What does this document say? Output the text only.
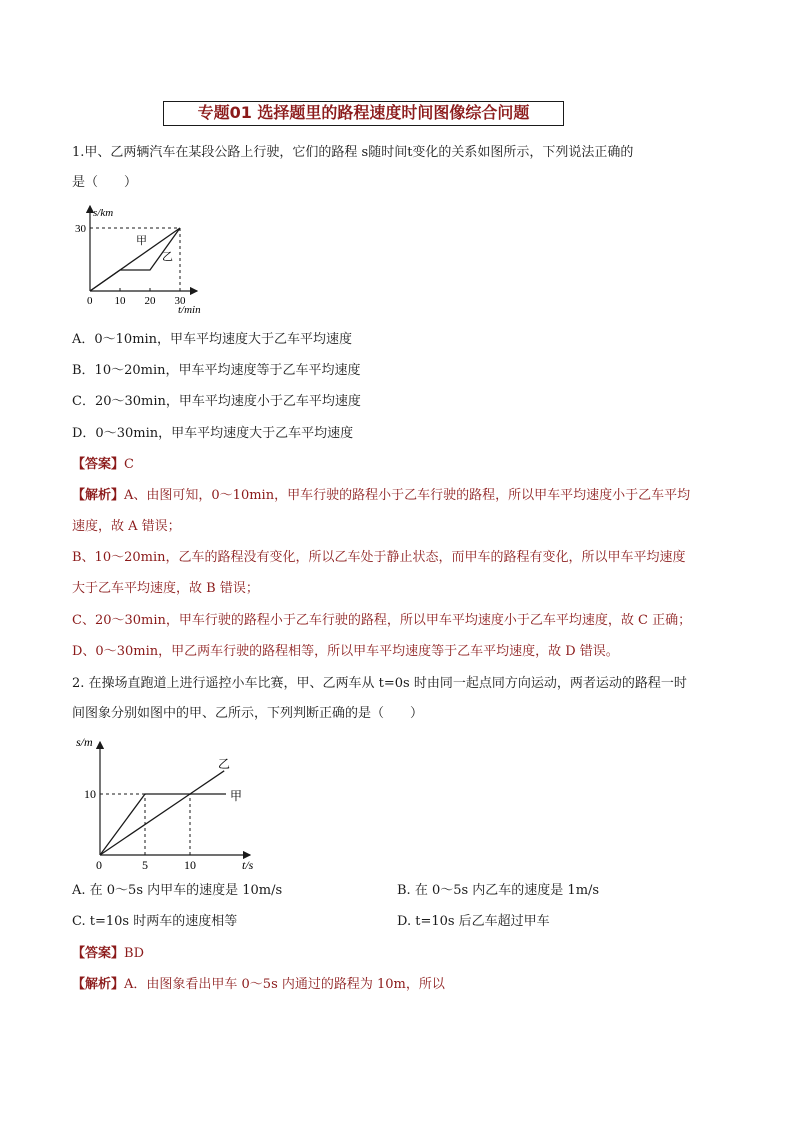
专题01 选择题里的路程速度时间图像综合问题
1.甲、乙两辆汽车在某段公路上行驶，它们的路程 s随时间t变化的关系如图所示，下列说法正确的
是（　　）
s/km
t/min
0 10 20 30
30
甲
乙
A．0～10min，甲车平均速度大于乙车平均速度
B．10～20min，甲车平均速度等于乙车平均速度
C．20～30min，甲车平均速度小于乙车平均速度
D．0～30min，甲车平均速度大于乙车平均速度
【答案】C
【解析】A、由图可知，0～10min，甲车行驶的路程小于乙车行驶的路程，所以甲车平均速度小于乙车平均
速度，故 A 错误；
B、10～20min，乙车的路程没有变化，所以乙车处于静止状态，而甲车的路程有变化，所以甲车平均速度
大于乙车平均速度，故 B 错误；
C、20～30min，甲车行驶的路程小于乙车行驶的路程，所以甲车平均速度小于乙车平均速度，故 C 正确；
D、0～30min，甲乙两车行驶的路程相等，所以甲车平均速度等于乙车平均速度，故 D 错误。
2. 在操场直跑道上进行遥控小车比赛，甲、乙两车从 t=0s 时由同一起点同方向运动，两者运动的路程一时
间图象分别如图中的甲、乙所示，下列判断正确的是（　　）
s/m
t/s
0	5	10
10	甲
乙
A. 在 0～5s 内甲车的速度是 10m/s	B. 在 0～5s 内乙车的速度是 1m/s
C. t=10s 时两车的速度相等	D. t=10s 后乙车超过甲车
【答案】BD
【解析】A．由图象看出甲车 0～5s 内通过的路程为 10m，所以
